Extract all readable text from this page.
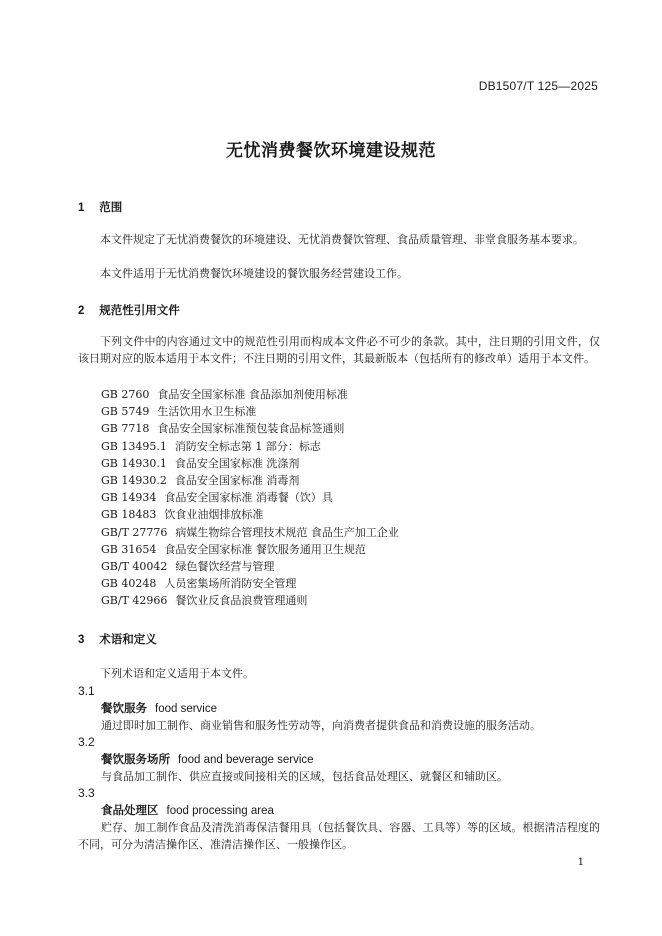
DB1507/T 125—2025
无忧消费餐饮环境建设规范
1 范围
本文件规定了无忧消费餐饮的环境建设、无忧消费餐饮管理、食品质量管理、非堂食服务基本要求。
本文件适用于无忧消费餐饮环境建设的餐饮服务经营建设工作。
2 规范性引用文件
下列文件中的内容通过文中的规范性引用而构成本文件必不可少的条款。其中，注日期的引用文件，仅该日期对应的版本适用于本文件；不注日期的引用文件，其最新版本（包括所有的修改单）适用于本文件。
GB 2760 食品安全国家标准 食品添加剂使用标准
GB 5749 生活饮用水卫生标准
GB 7718 食品安全国家标准预包装食品标签通则
GB 13495.1 消防安全标志第 1 部分：标志
GB 14930.1 食品安全国家标准 洗涤剂
GB 14930.2 食品安全国家标准 消毒剂
GB 14934 食品安全国家标准 消毒餐（饮）具
GB 18483 饮食业油烟排放标准
GB/T 27776 病媒生物综合管理技术规范 食品生产加工企业
GB 31654 食品安全国家标准 餐饮服务通用卫生规范
GB/T 40042 绿色餐饮经营与管理
GB 40248 人员密集场所消防安全管理
GB/T 42966 餐饮业反食品浪费管理通则
3 术语和定义
下列术语和定义适用于本文件。
3.1
餐饮服务 food service
通过即时加工制作、商业销售和服务性劳动等，向消费者提供食品和消费设施的服务活动。
3.2
餐饮服务场所 food and beverage service
与食品加工制作、供应直接或间接相关的区域，包括食品处理区、就餐区和辅助区。
3.3
食品处理区 food processing area
贮存、加工制作食品及清洗消毒保洁餐用具（包括餐饮具、容器、工具等）等的区域。根据清洁程度的不同，可分为清洁操作区、准清洁操作区、一般操作区。
1
